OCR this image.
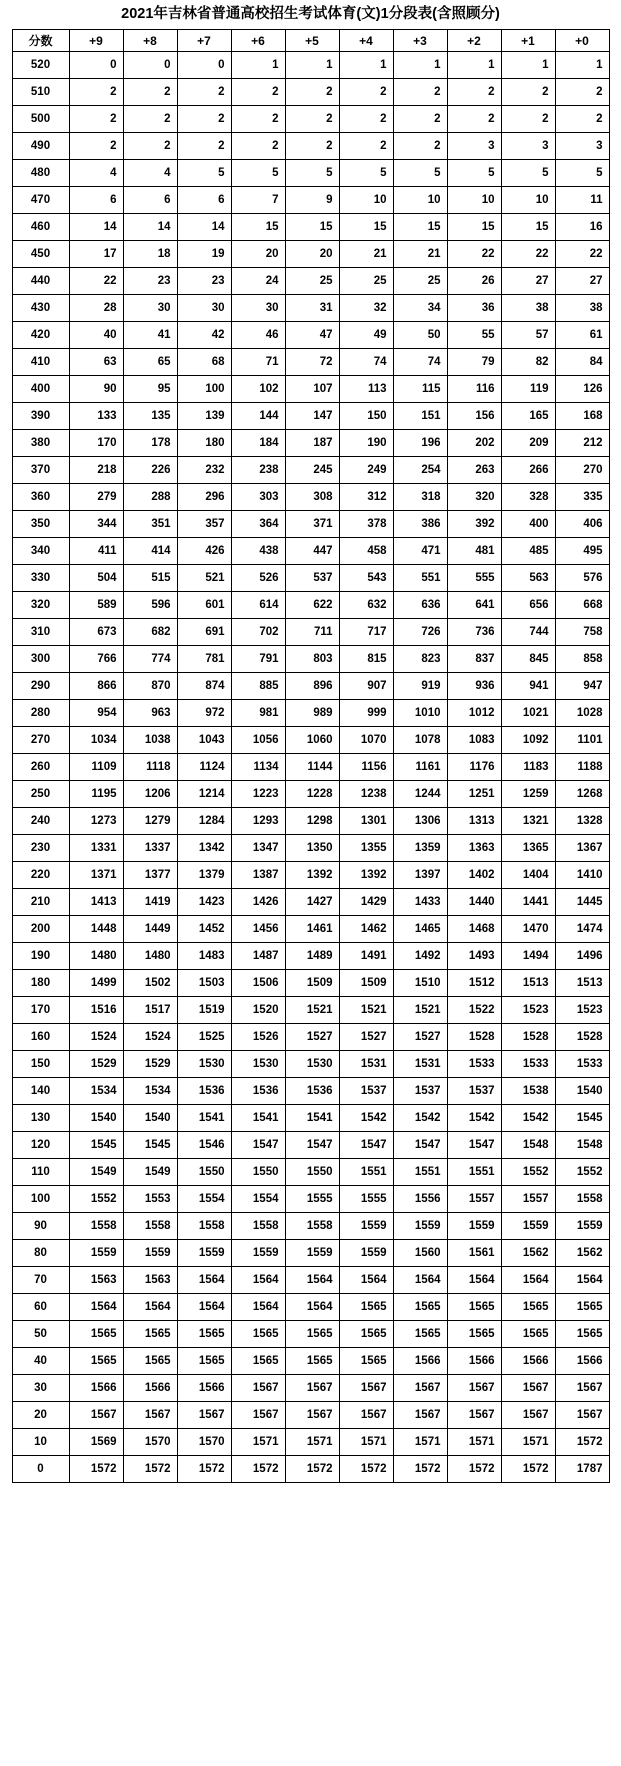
2021年吉林省普通高校招生考试体育(文)1分段表(含照顾分)
分数	+9	+8	+7	+6	+5	+4	+3	+2	+1	+0
520	0	0	0	1	1	1	1	1	1	1
510	2	2	2	2	2	2	2	2	2	2
500	2	2	2	2	2	2	2	2	2	2
490	2	2	2	2	2	2	2	3	3	3
480	4	4	5	5	5	5	5	5	5	5
470	6	6	6	7	9	10	10	10	10	11
460	14	14	14	15	15	15	15	15	15	16
450	17	18	19	20	20	21	21	22	22	22
440	22	23	23	24	25	25	25	26	27	27
430	28	30	30	30	31	32	34	36	38	38
420	40	41	42	46	47	49	50	55	57	61
410	63	65	68	71	72	74	74	79	82	84
400	90	95	100	102	107	113	115	116	119	126
390	133	135	139	144	147	150	151	156	165	168
380	170	178	180	184	187	190	196	202	209	212
370	218	226	232	238	245	249	254	263	266	270
360	279	288	296	303	308	312	318	320	328	335
350	344	351	357	364	371	378	386	392	400	406
340	411	414	426	438	447	458	471	481	485	495
330	504	515	521	526	537	543	551	555	563	576
320	589	596	601	614	622	632	636	641	656	668
310	673	682	691	702	711	717	726	736	744	758
300	766	774	781	791	803	815	823	837	845	858
290	866	870	874	885	896	907	919	936	941	947
280	954	963	972	981	989	999	1010	1012	1021	1028
270	1034	1038	1043	1056	1060	1070	1078	1083	1092	1101
260	1109	1118	1124	1134	1144	1156	1161	1176	1183	1188
250	1195	1206	1214	1223	1228	1238	1244	1251	1259	1268
240	1273	1279	1284	1293	1298	1301	1306	1313	1321	1328
230	1331	1337	1342	1347	1350	1355	1359	1363	1365	1367
220	1371	1377	1379	1387	1392	1392	1397	1402	1404	1410
210	1413	1419	1423	1426	1427	1429	1433	1440	1441	1445
200	1448	1449	1452	1456	1461	1462	1465	1468	1470	1474
190	1480	1480	1483	1487	1489	1491	1492	1493	1494	1496
180	1499	1502	1503	1506	1509	1509	1510	1512	1513	1513
170	1516	1517	1519	1520	1521	1521	1521	1522	1523	1523
160	1524	1524	1525	1526	1527	1527	1527	1528	1528	1528
150	1529	1529	1530	1530	1530	1531	1531	1533	1533	1533
140	1534	1534	1536	1536	1536	1537	1537	1537	1538	1540
130	1540	1540	1541	1541	1541	1542	1542	1542	1542	1545
120	1545	1545	1546	1547	1547	1547	1547	1547	1548	1548
110	1549	1549	1550	1550	1550	1551	1551	1551	1552	1552
100	1552	1553	1554	1554	1555	1555	1556	1557	1557	1558
90	1558	1558	1558	1558	1558	1559	1559	1559	1559	1559
80	1559	1559	1559	1559	1559	1559	1560	1561	1562	1562
70	1563	1563	1564	1564	1564	1564	1564	1564	1564	1564
60	1564	1564	1564	1564	1564	1565	1565	1565	1565	1565
50	1565	1565	1565	1565	1565	1565	1565	1565	1565	1565
40	1565	1565	1565	1565	1565	1565	1566	1566	1566	1566
30	1566	1566	1566	1567	1567	1567	1567	1567	1567	1567
20	1567	1567	1567	1567	1567	1567	1567	1567	1567	1567
10	1569	1570	1570	1571	1571	1571	1571	1571	1571	1572
0	1572	1572	1572	1572	1572	1572	1572	1572	1572	1787
